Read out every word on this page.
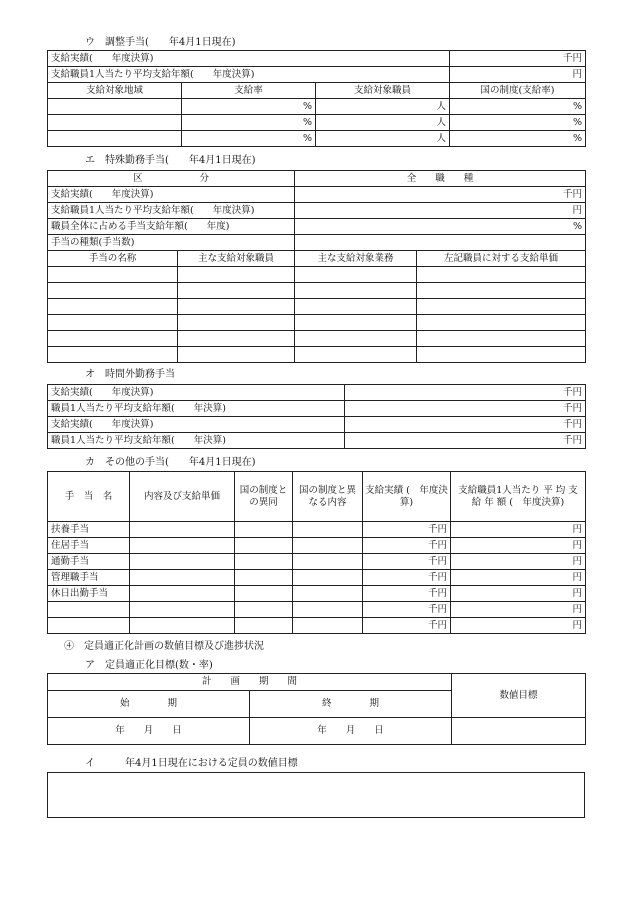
ウ　調整手当(　　年4月1日現在)
支給実績(　　年度決算)			千円
支給職員1人当たり平均支給年額(　　年度決算)			円
支給対象地域	支給率	支給対象職員	国の制度(支給率)
	%	人	%
	%	人	%
	%	人	%
エ　特殊勤務手当(　　年4月1日現在)
区　　　　　　分		全　　職　　種	
支給実績(　　年度決算)		千円	
支給職員1人当たり平均支給年額(　　年度決算)		円	
職員全体に占める手当支給年額(　　年度)		%	
手当の種類(手当数)			
手当の名称	主な支給対象職員	主な支給対象業務	左記職員に対する支給単価

オ　時間外勤務手当
支給実績(　　年度決算)	千円
職員1人当たり平均支給年額(　　年決算)	千円
支給実績(　　年度決算)	千円
職員1人当たり平均支給年額(　　年決算)	千円
カ　その他の手当(　　年4月1日現在)
手　当　名	内容及び支給単価	国の制度との異同	国の制度と異なる内容	支給実績 (　年度決算)	支給職員1人当たり 平 均 支 給 年 額 (　年度決算)
扶養手当				千円	円
住居手当				千円	円
通勤手当				千円	円
管理職手当				千円	円
休日出勤手当				千円	円
				千円	円
				千円	円
④　定員適正化計画の数値目標及び進捗状況
ア　定員適正化目標(数・率)
計　　画　　期　　間		数値目標
始　　　　期	終　　　　期	
年　　月　　日	年　　月　　日	
イ　　　年4月1日現在における定員の数値目標
